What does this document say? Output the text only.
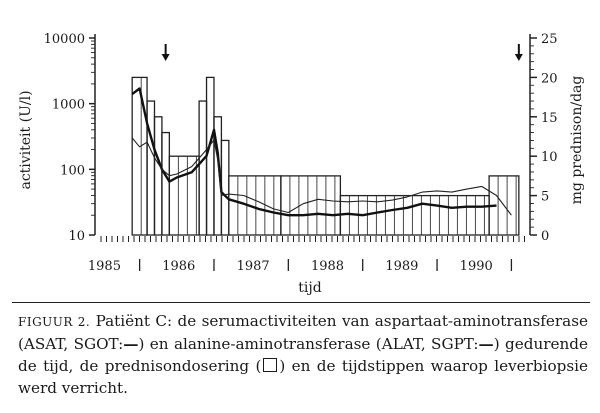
10
100
1000
10000
0
5
10
15
20
25
1985	1986	1987	1988	1989	1990
activiteit (U/l)	mg prednison/dag
tijd

FIGUUR 2. Patiënt C: de serumactiviteiten van aspartaat-aminotransferase (ASAT, SGOT:—) en alanine-aminotransferase (ALAT, SGPT:—) gedurende de tijd, de prednisondosering ( ) en de tijdstippen waarop leverbiopsie werd verricht.
